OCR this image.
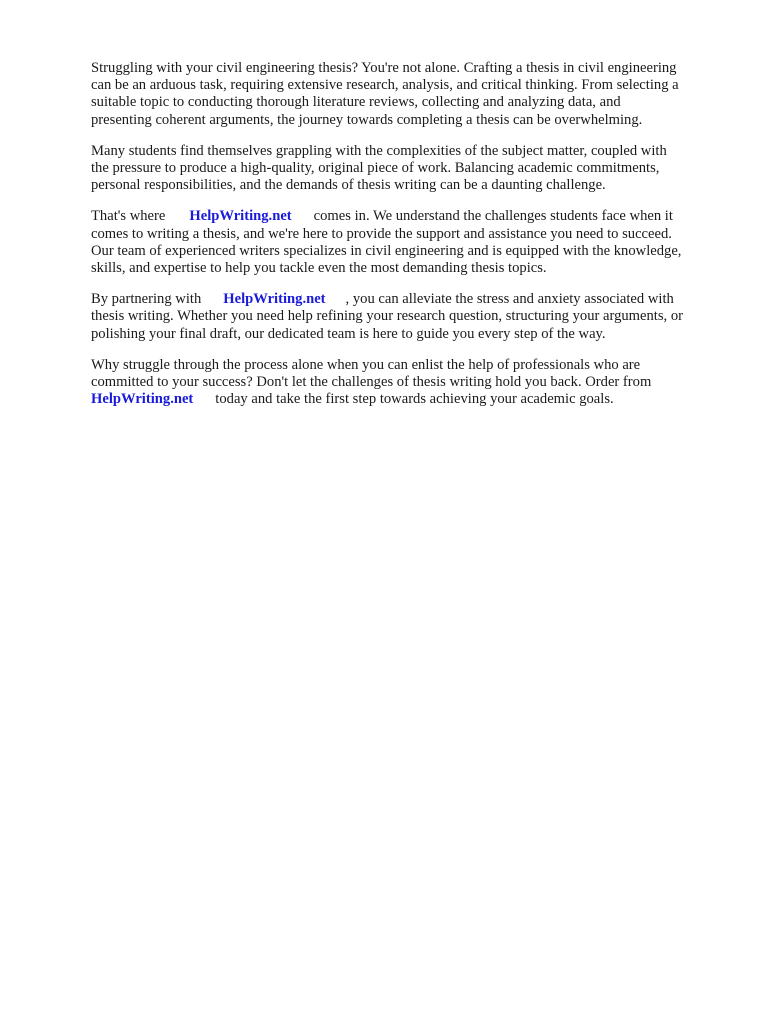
Struggling with your civil engineering thesis? You're not alone. Crafting a thesis in civil engineering
can be an arduous task, requiring extensive research, analysis, and critical thinking. From selecting a
suitable topic to conducting thorough literature reviews, collecting and analyzing data, and
presenting coherent arguments, the journey towards completing a thesis can be overwhelming.

Many students find themselves grappling with the complexities of the subject matter, coupled with
the pressure to produce a high-quality, original piece of work. Balancing academic commitments,
personal responsibilities, and the demands of thesis writing can be a daunting challenge.

That's where HelpWriting.net comes in. We understand the challenges students face when it
comes to writing a thesis, and we're here to provide the support and assistance you need to succeed.
Our team of experienced writers specializes in civil engineering and is equipped with the knowledge,
skills, and expertise to help you tackle even the most demanding thesis topics.

By partnering with HelpWriting.net , you can alleviate the stress and anxiety associated with
thesis writing. Whether you need help refining your research question, structuring your arguments, or
polishing your final draft, our dedicated team is here to guide you every step of the way.

Why struggle through the process alone when you can enlist the help of professionals who are
committed to your success? Don't let the challenges of thesis writing hold you back. Order from
HelpWriting.net today and take the first step towards achieving your academic goals.
